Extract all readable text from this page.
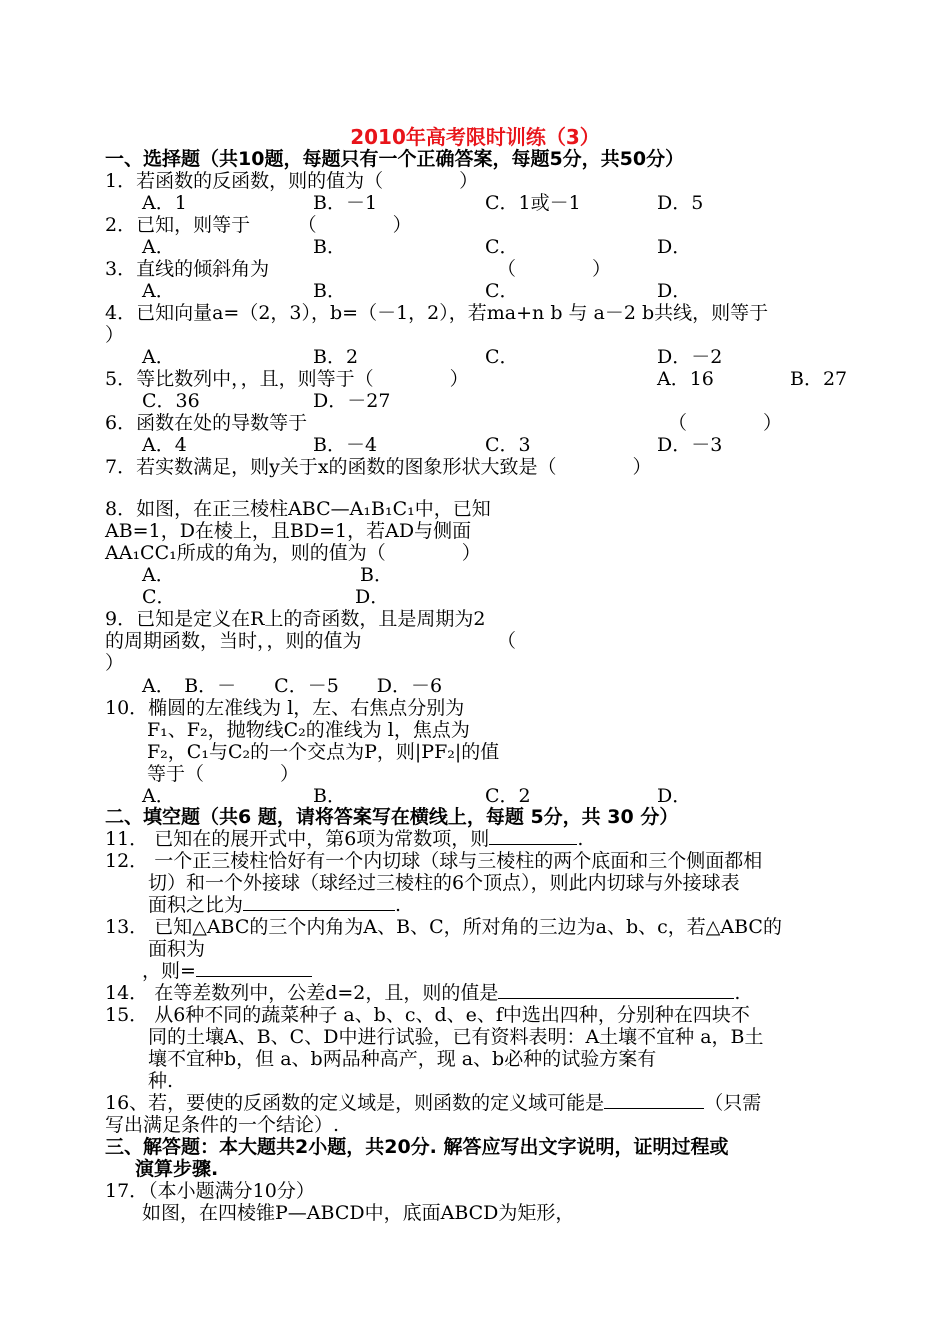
2010年高考限时训练（3）
一、选择题（共10题，每题只有一个正确答案，每题5分，共50分）
1．若函数的反函数，则的值为（　　　　）
A．1	B．－1	C．1或－1	D．5
2．已知，则等于　　　（　　　　）
A．	B．	C．	D．
3．直线的倾斜角为	（　　　　）
A．	B．	C．	D．
4．已知向量a=（2，3），b=（－1，2），若ma+n b 与 a－2 b共线，则等于
）
A．	B．2	C．	D．－2
5．等比数列中，，且，则等于（　　　　）	A．16	B．27
C．36	D．－27
6．函数在处的导数等于	（　　　　）
A．4	B．－4	C．3	D．－3
7．若实数满足，则y关于x的函数的图象形状大致是（　　　　）
8．如图，在正三棱柱ABC—A₁B₁C₁中，已知
AB=1，D在棱上，且BD=1，若AD与侧面
AA₁CC₁所成的角为，则的值为（　　　　）
A．	B．
C．	D．
9．已知是定义在R上的奇函数，且是周期为2
的周期函数，当时，，则的值为	（
）
A．　B．－　　C．－5　　D．－6
10．椭圆的左准线为 l，左、右焦点分别为
F₁、F₂，抛物线C₂的准线为 l，焦点为
F₂，C₁与C₂的一个交点为P，则|PF₂|的值
等于（　　　　）
A．	B．	C．2	D．
二、填空题（共6 题，请将答案写在横线上，每题 5分，共 30 分）
11． 已知在的展开式中，第6项为常数项，则	.
12． 一个正三棱柱恰好有一个内切球（球与三棱柱的两个底面和三个侧面都相
切）和一个外接球（球经过三棱柱的6个顶点），则此内切球与外接球表
面积之比为	.
13． 已知△ABC的三个内角为A、B、C，所对角的三边为a、b、c，若△ABC的
面积为
，则=
14． 在等差数列中，公差d=2，且，则的值是	.
15． 从6种不同的蔬菜种子 a、b、c、d、e、f中选出四种，分别种在四块不
同的土壤A、B、C、D中进行试验，已有资料表明：A土壤不宜种 a，B土
壤不宜种b，但 a、b两品种高产，现 a、b必种的试验方案有
种.
16、若，要使的反函数的定义域是，则函数的定义域可能是	（只需
写出满足条件的一个结论）.
三、解答题：本大题共2小题，共20分. 解答应写出文字说明，证明过程或
演算步骤.
17．（本小题满分10分）
如图，在四棱锥P—ABCD中，底面ABCD为矩形，
